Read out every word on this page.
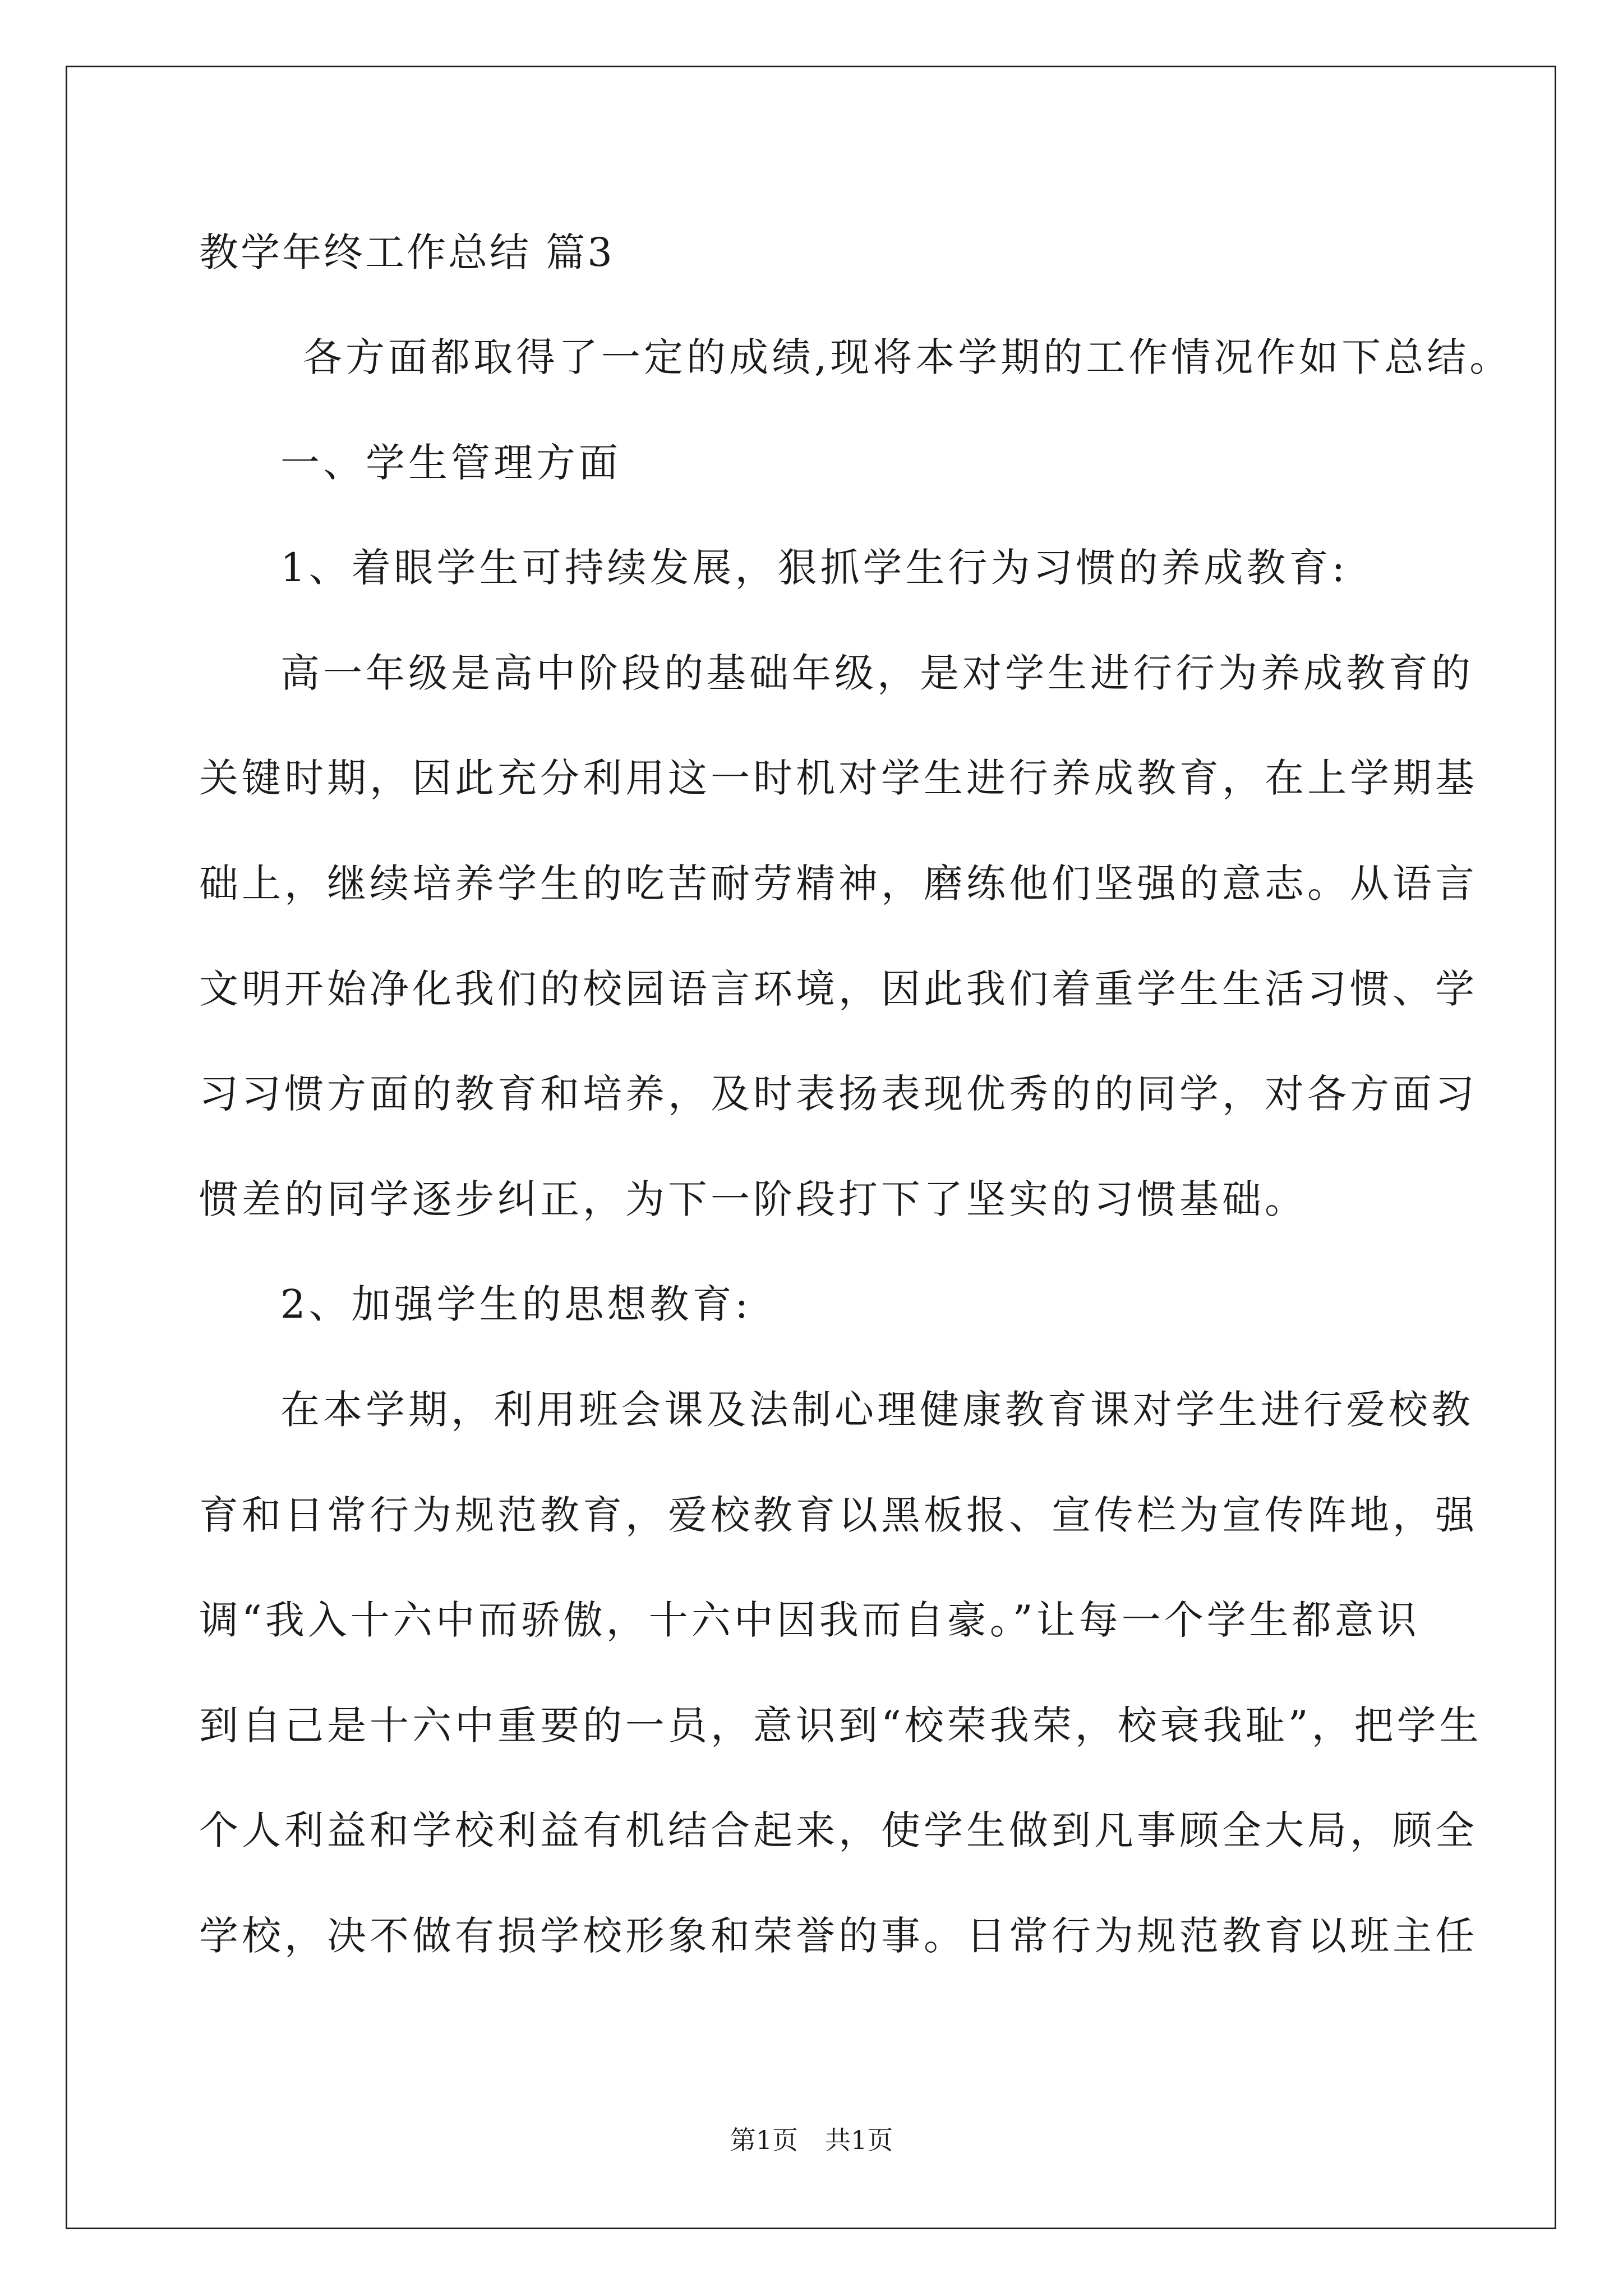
教学年终工作总结 篇3
各方面都取得了一定的成绩,现将本学期的工作情况作如下总结。
一、学生管理方面
1、着眼学生可持续发展，狠抓学生行为习惯的养成教育:
高一年级是高中阶段的基础年级，是对学生进行行为养成教育的
关键时期，因此充分利用这一时机对学生进行养成教育，在上学期基
础上，继续培养学生的吃苦耐劳精神，磨练他们坚强的意志。从语言
文明开始净化我们的校园语言环境，因此我们着重学生生活习惯、学
习习惯方面的教育和培养，及时表扬表现优秀的的同学，对各方面习
惯差的同学逐步纠正，为下一阶段打下了坚实的习惯基础。
2、加强学生的思想教育:
在本学期，利用班会课及法制心理健康教育课对学生进行爱校教
育和日常行为规范教育，爱校教育以黑板报、宣传栏为宣传阵地，强
调“我入十六中而骄傲，十六中因我而自豪。”让每一个学生都意识
到自己是十六中重要的一员，意识到“校荣我荣，校衰我耻”，把学生
个人利益和学校利益有机结合起来，使学生做到凡事顾全大局，顾全
学校，决不做有损学校形象和荣誉的事。日常行为规范教育以班主任
第1页 共1页
